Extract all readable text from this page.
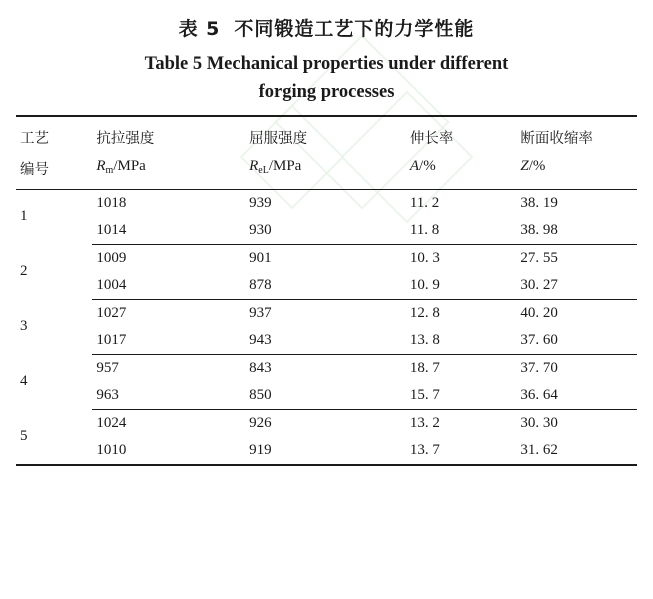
表 5 不同锻造工艺下的力学性能
Table 5 Mechanical properties under different
forging processes
工艺	抗拉强度	屈服强度	伸长率	断面收缩率
编号	$R_m$/MPa	$R_{eL}$/MPa	A/%	Z/%
1	1018	939	11. 2	38. 19
	1014	930	11. 8	38. 98
2	1009	901	10. 3	27. 55
	1004	878	10. 9	30. 27
3	1027	937	12. 8	40. 20
	1017	943	13. 8	37. 60
4	957	843	18. 7	37. 70
	963	850	15. 7	36. 64
5	1024	926	13. 2	30. 30
	1010	919	13. 7	31. 62
